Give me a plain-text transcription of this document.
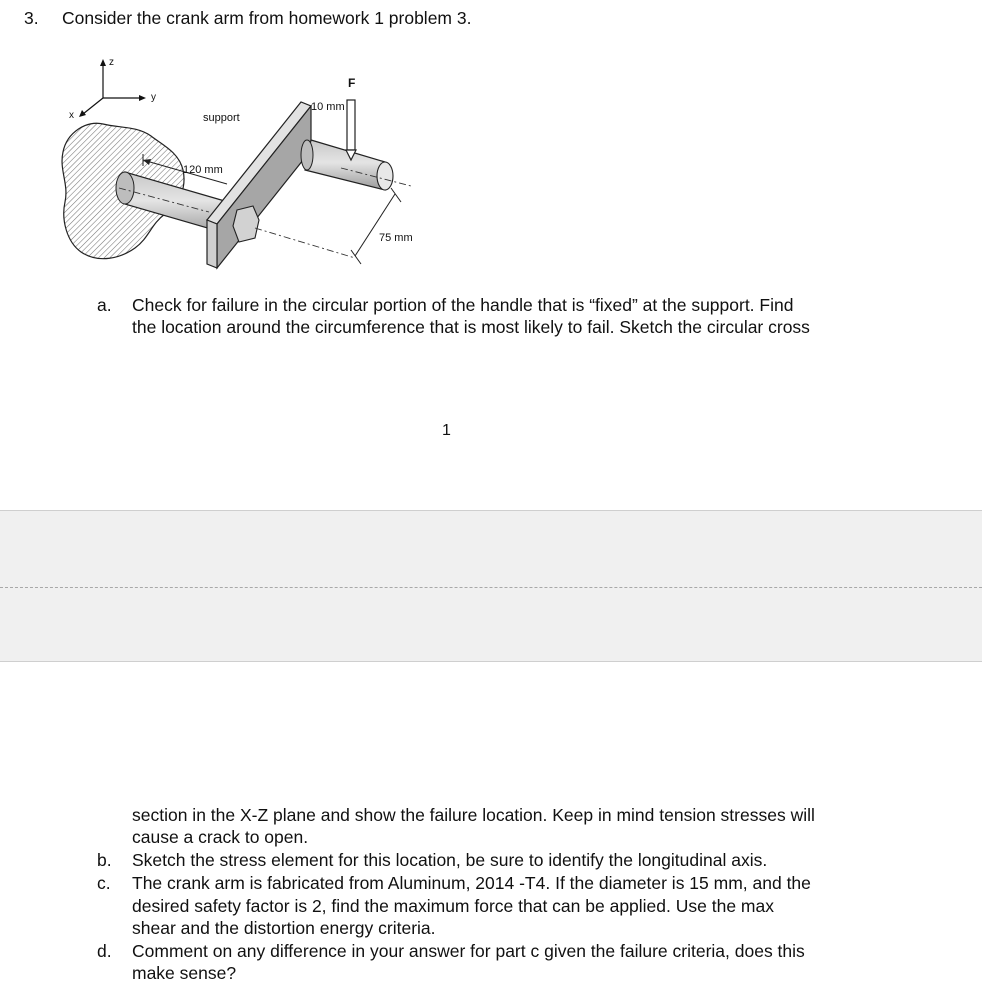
3. Consider the crank arm from homework 1 problem 3.
z
y
x
120 mm
support
10 mm
F
75 mm
a. Check for failure in the circular portion of the handle that is “fixed” at the support. Find
the location around the circumference that is most likely to fail. Sketch the circular cross
1
section in the X-Z plane and show the failure location. Keep in mind tension stresses will
cause a crack to open.
b. Sketch the stress element for this location, be sure to identify the longitudinal axis.
c. The crank arm is fabricated from Aluminum, 2014 -T4. If the diameter is 15 mm, and the
desired safety factor is 2, find the maximum force that can be applied. Use the max
shear and the distortion energy criteria.
d. Comment on any difference in your answer for part c given the failure criteria, does this
make sense?
